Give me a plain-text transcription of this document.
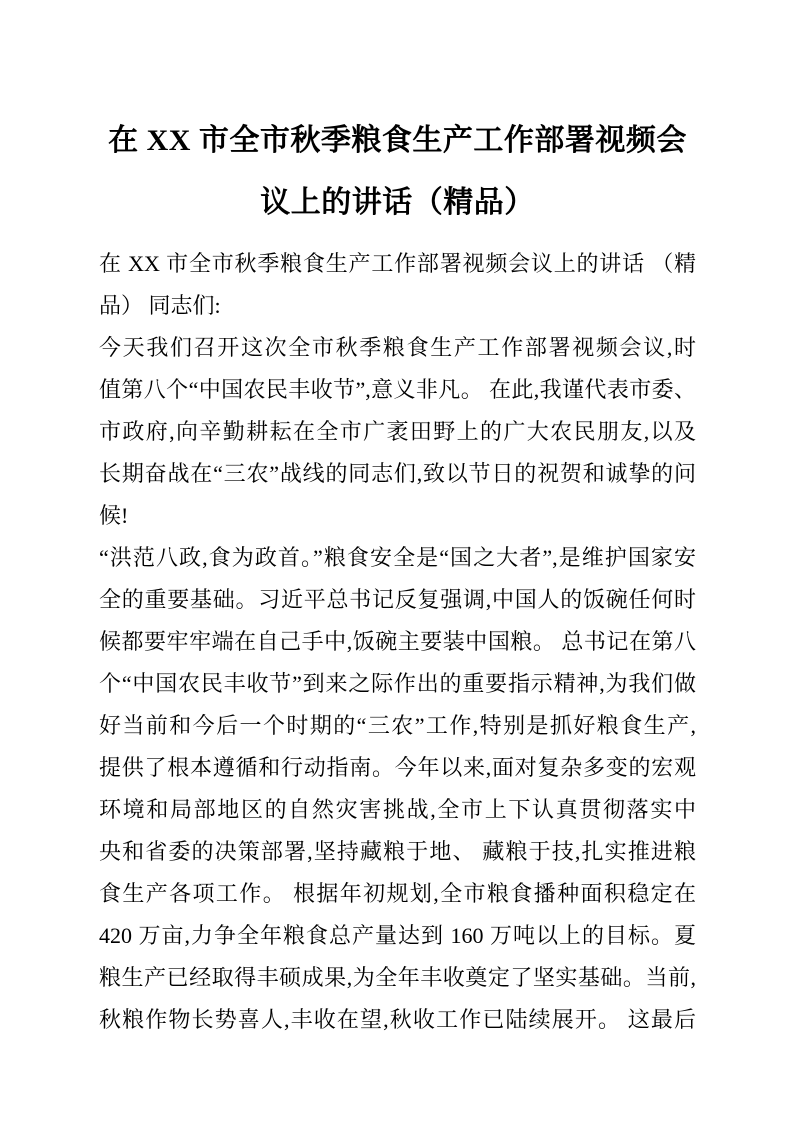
在 XX 市全市秋季粮食生产工作部署视频会
议上的讲话（精品）
在 XX 市全市秋季粮食生产工作部署视频会议上的讲话 （精
品） 同志们:
今天我们召开这次全市秋季粮食生产工作部署视频会议,时
值第八个“中国农民丰收节”,意义非凡。 在此,我谨代表市委、
市政府,向辛勤耕耘在全市广袤田野上的广大农民朋友,以及
长期奋战在“三农”战线的同志们,致以节日的祝贺和诚挚的问
候!
“洪范八政,食为政首。”粮食安全是“国之大者”,是维护国家安
全的重要基础。习近平总书记反复强调,中国人的饭碗任何时
候都要牢牢端在自己手中,饭碗主要装中国粮。 总书记在第八
个“中国农民丰收节”到来之际作出的重要指示精神,为我们做
好当前和今后一个时期的“三农”工作,特别是抓好粮食生产,
提供了根本遵循和行动指南。今年以来,面对复杂多变的宏观
环境和局部地区的自然灾害挑战,全市上下认真贯彻落实中
央和省委的决策部署,坚持藏粮于地、 藏粮于技,扎实推进粮
食生产各项工作。 根据年初规划,全市粮食播种面积稳定在
420 万亩,力争全年粮食总产量达到 160 万吨以上的目标。夏
粮生产已经取得丰硕成果,为全年丰收奠定了坚实基础。当前,
秋粮作物长势喜人,丰收在望,秋收工作已陆续展开。 这最后
